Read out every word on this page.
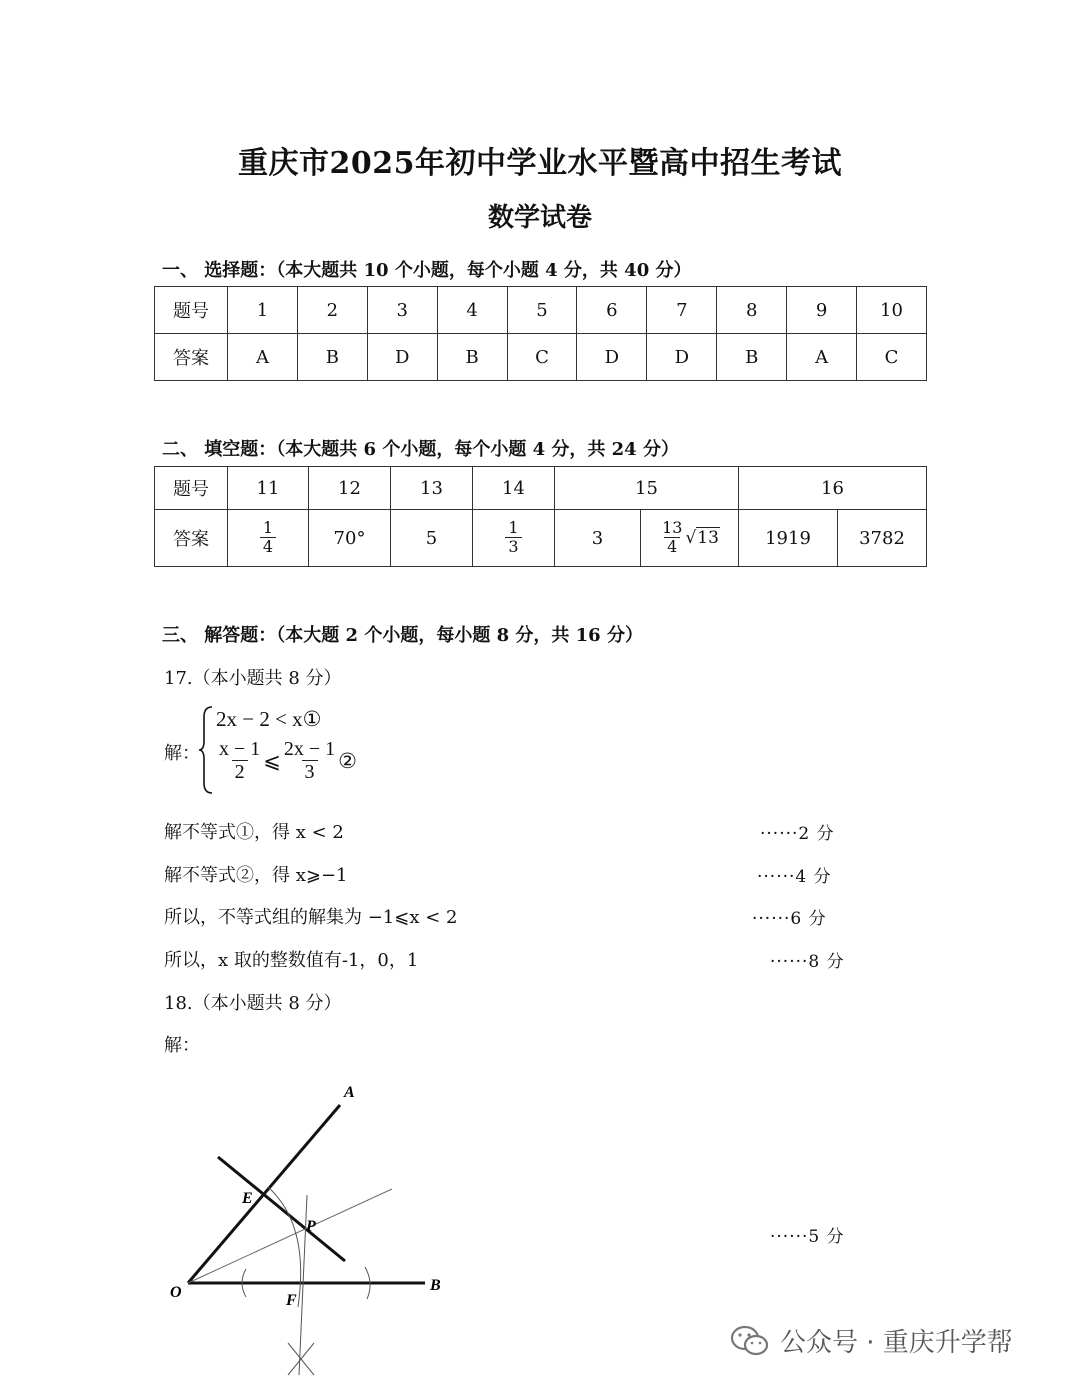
重庆市2025年初中学业水平暨高中招生考试
数学试卷
一、 选择题：（本大题共 10 个小题，每个小题 4 分，共 40 分）
题号	1	2	3	4	5	6	7	8	9	10
答案	A	B	D	B	C	D	D	B	A	C
二、 填空题：（本大题共 6 个小题，每个小题 4 分，共 24 分）
题号	11	12	13	14	15		16	
答案	$\frac{1}{4}$	70°	5	$\frac{1}{3}$	3	$\frac{13}{4} √13$	1919	3782
三、 解答题：（本大题 2 个小题，每小题 8 分，共 16 分）
17.（本小题共 8 分）
解：
2x − 2 < x①
$\frac{x - 1}{2}$ ⩽ $\frac{2x - 1}{3}$ ②
解不等式①，得 x < 2	······2 分
解不等式②，得 x⩾−1	······4 分
所以，不等式组的解集为 −1⩽x < 2	······6 分
所以，x 取的整数值有-1，0，1	······8 分
18.（本小题共 8 分）
解：
······5 分
A
B
O
E
F
P
公众号 · 重庆升学帮
